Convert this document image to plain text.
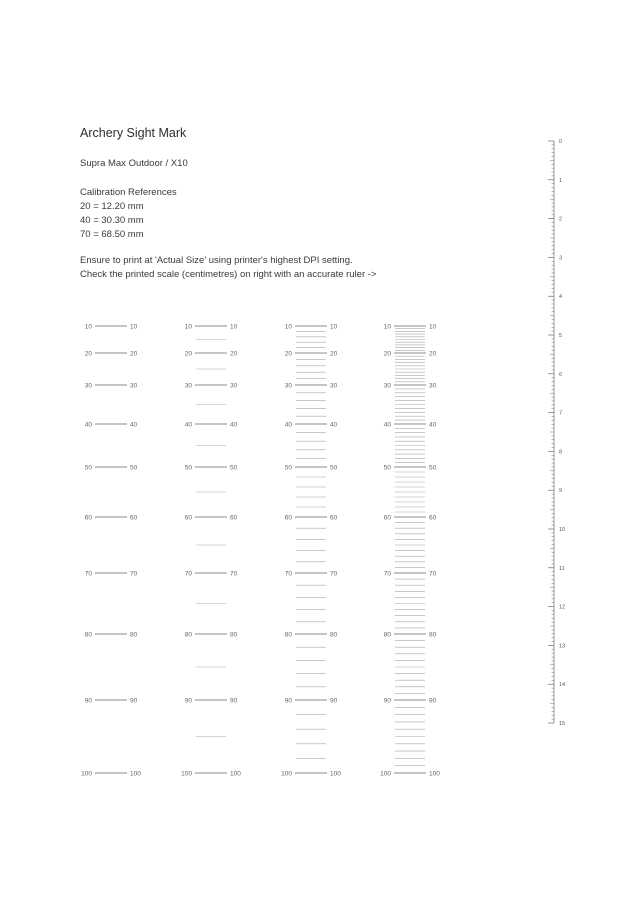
Archery Sight Mark
Supra Max Outdoor / X10
Calibration References
20 = 12.20 mm
40 = 30.30 mm
70 = 68.50 mm
Ensure to print at 'Actual Size' using printer's highest DPI setting.
Check the printed scale (centimetres) on right with an accurate ruler ->
10	10
20	20
30	30
40	40
50	50
60	60
70	70
80	80
90	90
100	100
10	10
20	20
30	30
40	40
50	50
60	60
70	70
80	80
90	90
100	100
10	10
20	20
30	30
40	40
50	50
60	60
70	70
80	80
90	90
100	100
10	10
20	20
30	30
40	40
50	50
60	60
70	70
80	80
90	90
100	100
0
1
2
3
4
5
6
7
8
9
10
11
12
13
14
15
